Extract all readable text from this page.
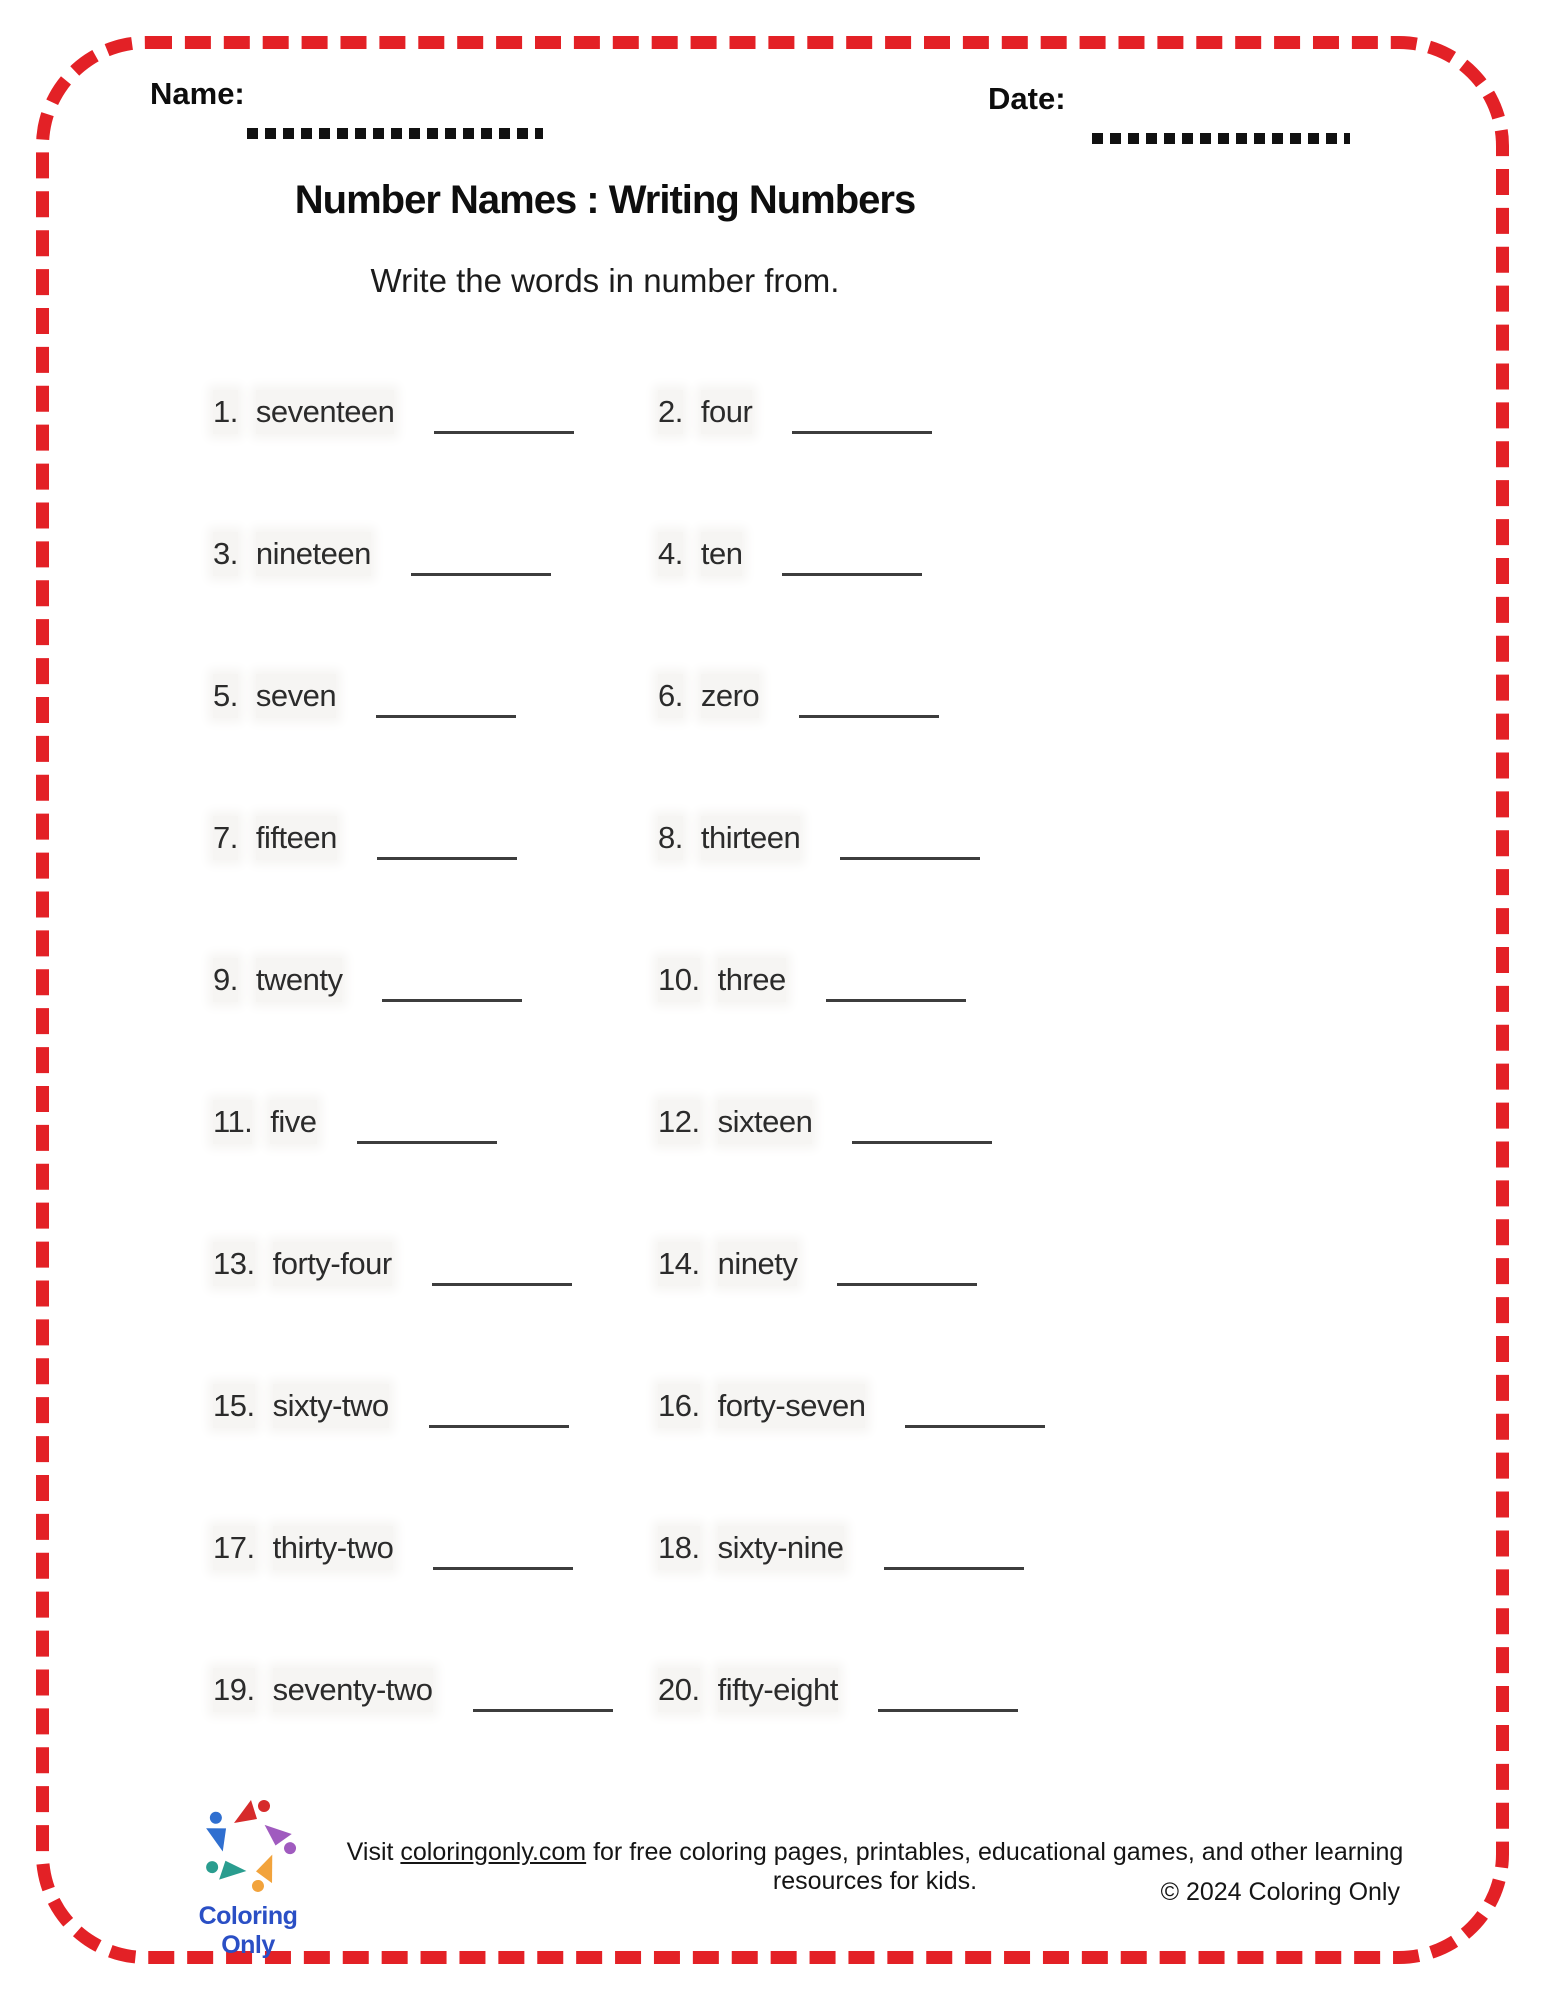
Name:	Date:
Number Names : Writing Numbers
Write the words in number from.
1. seventeen	2. four
3. nineteen	4. ten
5. seven	6. zero
7. fifteen	8. thirteen
9. twenty	10. three
11. five	12. sixteen
13. forty-four	14. ninety
15. sixty-two	16. forty-seven
17. thirty-two	18. sixty-nine
19. seventy-two	20. fifty-eight
Coloring Only
Visit coloringonly.com for free coloring pages, printables, educational games, and other learning resources for kids.	© 2024 Coloring Only
